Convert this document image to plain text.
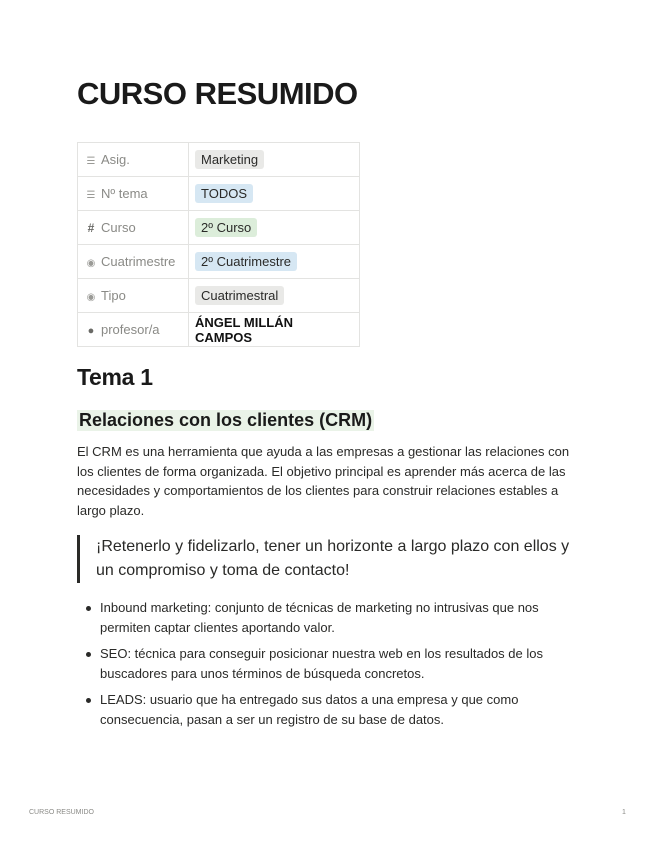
CURSO RESUMIDO
☰ Asig.	Marketing
☰ Nº tema	TODOS
# Curso	2º Curso
◉ Cuatrimestre	2º Cuatrimestre
◉ Tipo	Cuatrimestral
● profesor/a	ÁNGEL MILLÁN CAMPOS
Tema 1
Relaciones con los clientes (CRM)

El CRM es una herramienta que ayuda a las empresas a gestionar las relaciones con los clientes de forma organizada. El objetivo principal es aprender más acerca de las necesidades y comportamientos de los clientes para construir relaciones estables a largo plazo.

¡Retenerlo y fidelizarlo, tener un horizonte a largo plazo con ellos y un compromiso y toma de contacto!
Inbound marketing: conjunto de técnicas de marketing no intrusivas que nos permiten captar clientes aportando valor.
SEO: técnica para conseguir posicionar nuestra web en los resultados de los buscadores para unos términos de búsqueda concretos.
LEADS: usuario que ha entregado sus datos a una empresa y que como consecuencia, pasan a ser un registro de su base de datos.
CURSO RESUMIDO	1
